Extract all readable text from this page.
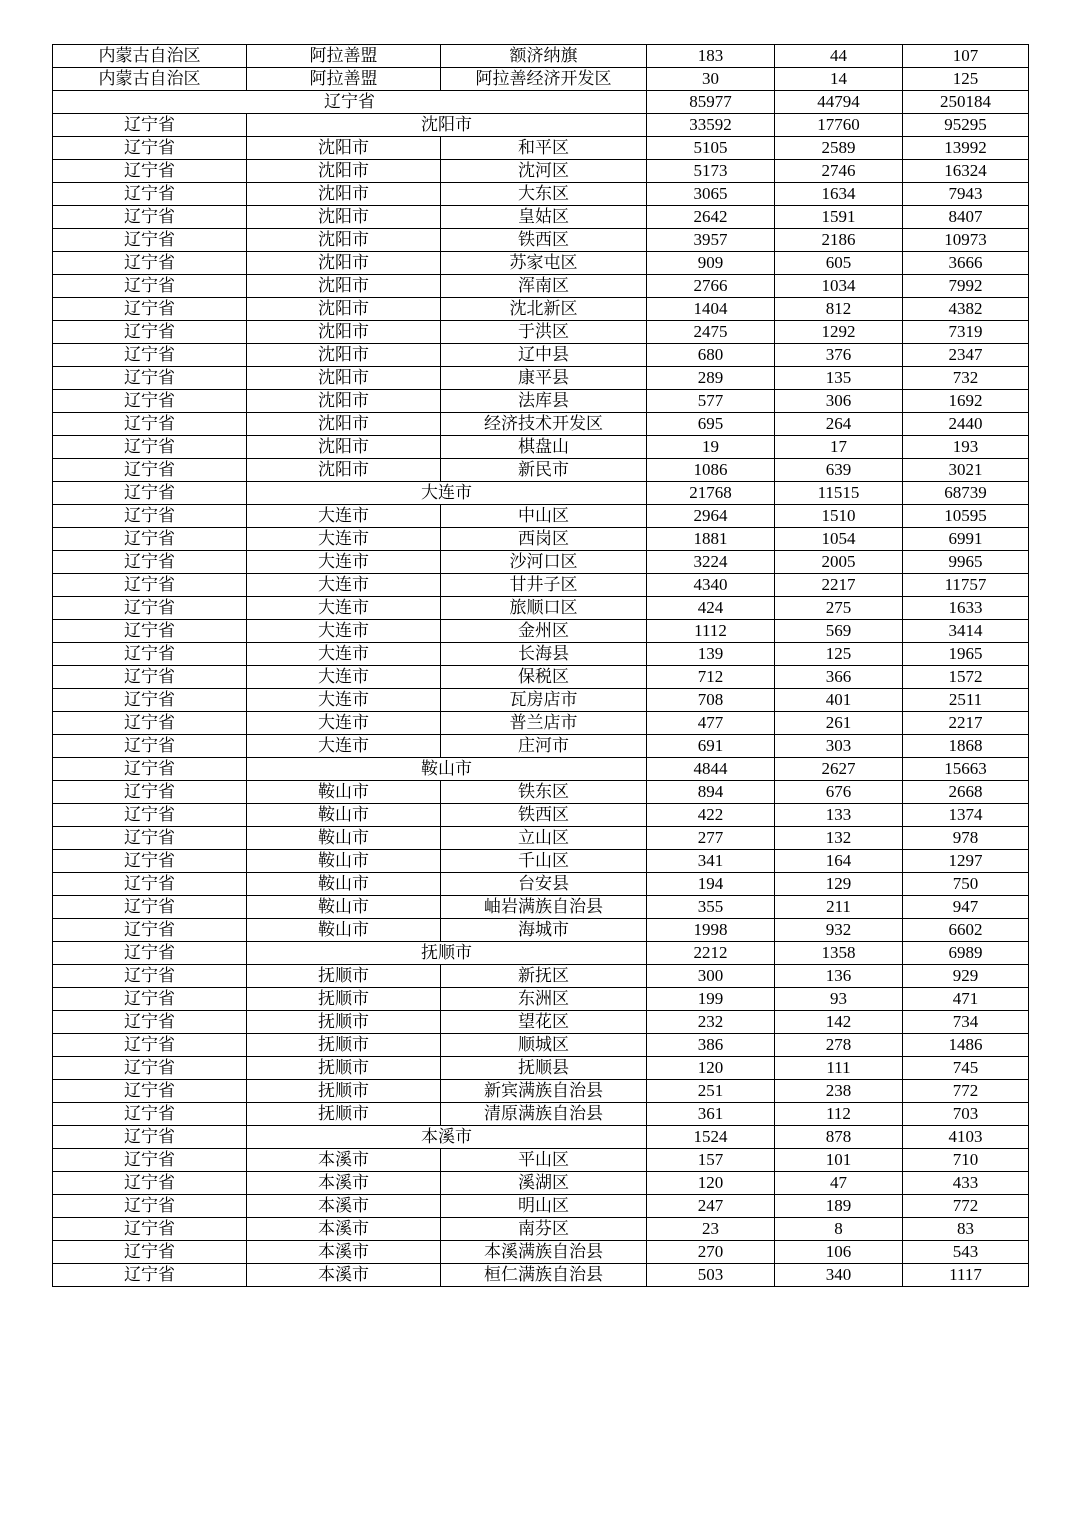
内蒙古自治区	阿拉善盟	额济纳旗	183	44	107
内蒙古自治区	阿拉善盟	阿拉善经济开发区	30	14	125
辽宁省			85977	44794	250184
辽宁省	沈阳市		33592	17760	95295
辽宁省	沈阳市	和平区	5105	2589	13992
辽宁省	沈阳市	沈河区	5173	2746	16324
辽宁省	沈阳市	大东区	3065	1634	7943
辽宁省	沈阳市	皇姑区	2642	1591	8407
辽宁省	沈阳市	铁西区	3957	2186	10973
辽宁省	沈阳市	苏家屯区	909	605	3666
辽宁省	沈阳市	浑南区	2766	1034	7992
辽宁省	沈阳市	沈北新区	1404	812	4382
辽宁省	沈阳市	于洪区	2475	1292	7319
辽宁省	沈阳市	辽中县	680	376	2347
辽宁省	沈阳市	康平县	289	135	732
辽宁省	沈阳市	法库县	577	306	1692
辽宁省	沈阳市	经济技术开发区	695	264	2440
辽宁省	沈阳市	棋盘山	19	17	193
辽宁省	沈阳市	新民市	1086	639	3021
辽宁省	大连市		21768	11515	68739
辽宁省	大连市	中山区	2964	1510	10595
辽宁省	大连市	西岗区	1881	1054	6991
辽宁省	大连市	沙河口区	3224	2005	9965
辽宁省	大连市	甘井子区	4340	2217	11757
辽宁省	大连市	旅顺口区	424	275	1633
辽宁省	大连市	金州区	1112	569	3414
辽宁省	大连市	长海县	139	125	1965
辽宁省	大连市	保税区	712	366	1572
辽宁省	大连市	瓦房店市	708	401	2511
辽宁省	大连市	普兰店市	477	261	2217
辽宁省	大连市	庄河市	691	303	1868
辽宁省	鞍山市		4844	2627	15663
辽宁省	鞍山市	铁东区	894	676	2668
辽宁省	鞍山市	铁西区	422	133	1374
辽宁省	鞍山市	立山区	277	132	978
辽宁省	鞍山市	千山区	341	164	1297
辽宁省	鞍山市	台安县	194	129	750
辽宁省	鞍山市	岫岩满族自治县	355	211	947
辽宁省	鞍山市	海城市	1998	932	6602
辽宁省	抚顺市		2212	1358	6989
辽宁省	抚顺市	新抚区	300	136	929
辽宁省	抚顺市	东洲区	199	93	471
辽宁省	抚顺市	望花区	232	142	734
辽宁省	抚顺市	顺城区	386	278	1486
辽宁省	抚顺市	抚顺县	120	111	745
辽宁省	抚顺市	新宾满族自治县	251	238	772
辽宁省	抚顺市	清原满族自治县	361	112	703
辽宁省	本溪市		1524	878	4103
辽宁省	本溪市	平山区	157	101	710
辽宁省	本溪市	溪湖区	120	47	433
辽宁省	本溪市	明山区	247	189	772
辽宁省	本溪市	南芬区	23	8	83
辽宁省	本溪市	本溪满族自治县	270	106	543
辽宁省	本溪市	桓仁满族自治县	503	340	1117
